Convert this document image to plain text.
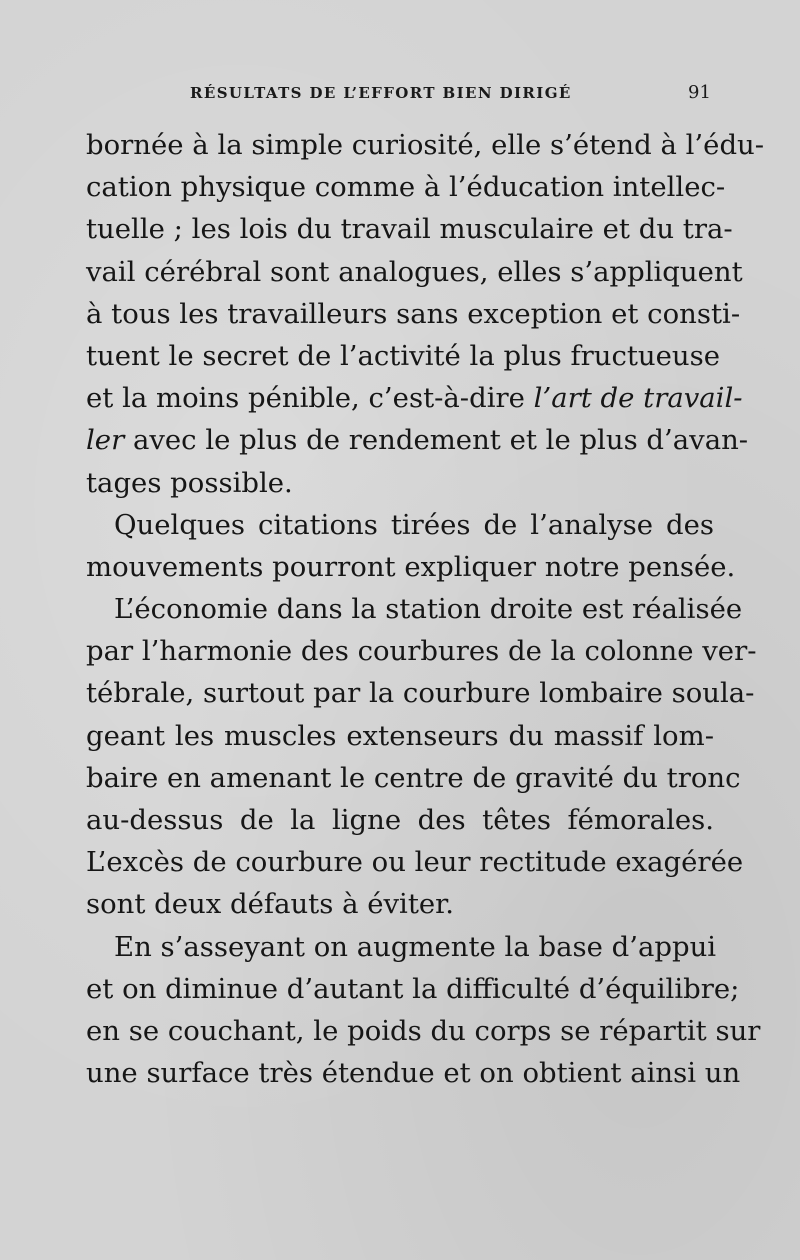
RÉSULTATS DE L’EFFORT BIEN DIRIGÉ	91
bornée à la simple curiosité, elle s’étend à l’édu-
cation physique comme à l’éducation intellec-
tuelle ; les lois du travail musculaire et du tra-
vail cérébral sont analogues, elles s’appliquent
à tous les travailleurs sans exception et consti-
tuent le secret de l’activité la plus fructueuse
et la moins pénible, c’est-à-dire l’art de travail-
ler avec le plus de rendement et le plus d’avan-
tages possible.
Quelques citations tirées de l’analyse des
mouvements pourront expliquer notre pensée.
L’économie dans la station droite est réalisée
par l’harmonie des courbures de la colonne ver-
tébrale, surtout par la courbure lombaire soula-
geant les muscles extenseurs du massif lom-
baire en amenant le centre de gravité du tronc
au-dessus de la ligne des têtes fémorales.
L’excès de courbure ou leur rectitude exagérée
sont deux défauts à éviter.
En s’asseyant on augmente la base d’appui
et on diminue d’autant la difficulté d’équilibre;
en se couchant, le poids du corps se répartit sur
une surface très étendue et on obtient ainsi un
